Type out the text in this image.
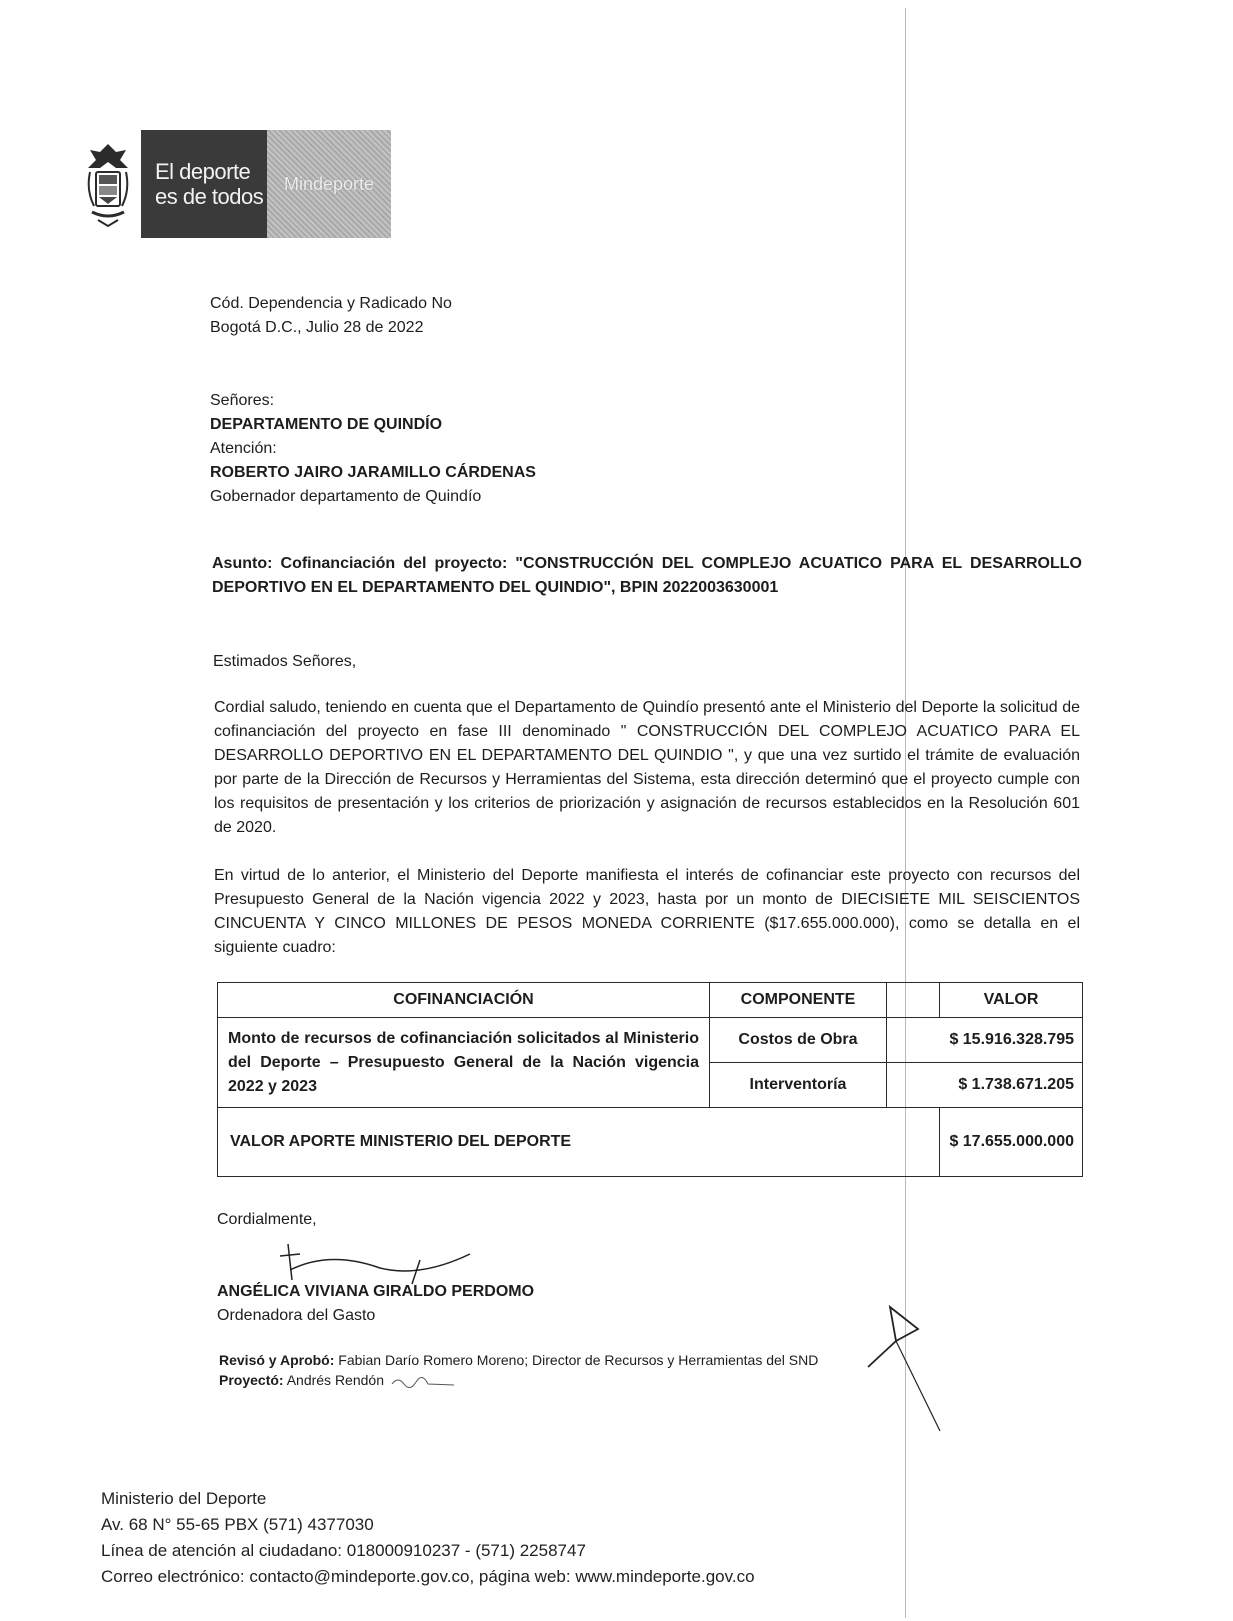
El deporte
es de todos
Mindeporte
Cód. Dependencia y Radicado No
Bogotá D.C., Julio 28 de 2022
Señores:
DEPARTAMENTO DE QUINDÍO
Atención:
ROBERTO JAIRO JARAMILLO CÁRDENAS
Gobernador departamento de Quindío
Asunto: Cofinanciación del proyecto: "CONSTRUCCIÓN DEL COMPLEJO ACUATICO PARA EL DESARROLLO DEPORTIVO EN EL DEPARTAMENTO DEL QUINDIO", BPIN 2022003630001
Estimados Señores,
Cordial saludo, teniendo en cuenta que el Departamento de Quindío presentó ante el Ministerio del Deporte la solicitud de cofinanciación del proyecto en fase III denominado " CONSTRUCCIÓN DEL COMPLEJO ACUATICO PARA EL DESARROLLO DEPORTIVO EN EL DEPARTAMENTO DEL QUINDIO ", y que una vez surtido el trámite de evaluación por parte de la Dirección de Recursos y Herramientas del Sistema, esta dirección determinó que el proyecto cumple con los requisitos de presentación y los criterios de priorización y asignación de recursos establecidos en la Resolución 601 de 2020.
En virtud de lo anterior, el Ministerio del Deporte manifiesta el interés de cofinanciar este proyecto con recursos del Presupuesto General de la Nación vigencia 2022 y 2023, hasta por un monto de DIECISIETE MIL SEISCIENTOS CINCUENTA Y CINCO MILLONES DE PESOS MONEDA CORRIENTE ($17.655.000.000), como se detalla en el siguiente cuadro:
COFINANCIACIÓN	COMPONENTE		VALOR
Monto de recursos de cofinanciación solicitados al Ministerio del Deporte – Presupuesto General de la Nación vigencia 2022 y 2023	Costos de Obra	$ 15.916.328.795	
	Interventoría	$ 1.738.671.205	
VALOR APORTE MINISTERIO DEL DEPORTE			$ 17.655.000.000
Cordialmente,
ANGÉLICA VIVIANA GIRALDO PERDOMO
Ordenadora del Gasto
Revisó y Aprobó: Fabian Darío Romero Moreno; Director de Recursos y Herramientas del SND
Proyectó: Andrés Rendón
Ministerio del Deporte
Av. 68 N° 55-65 PBX (571) 4377030
Línea de atención al ciudadano: 018000910237 - (571) 2258747
Correo electrónico: contacto@mindeporte.gov.co, página web: www.mindeporte.gov.co
